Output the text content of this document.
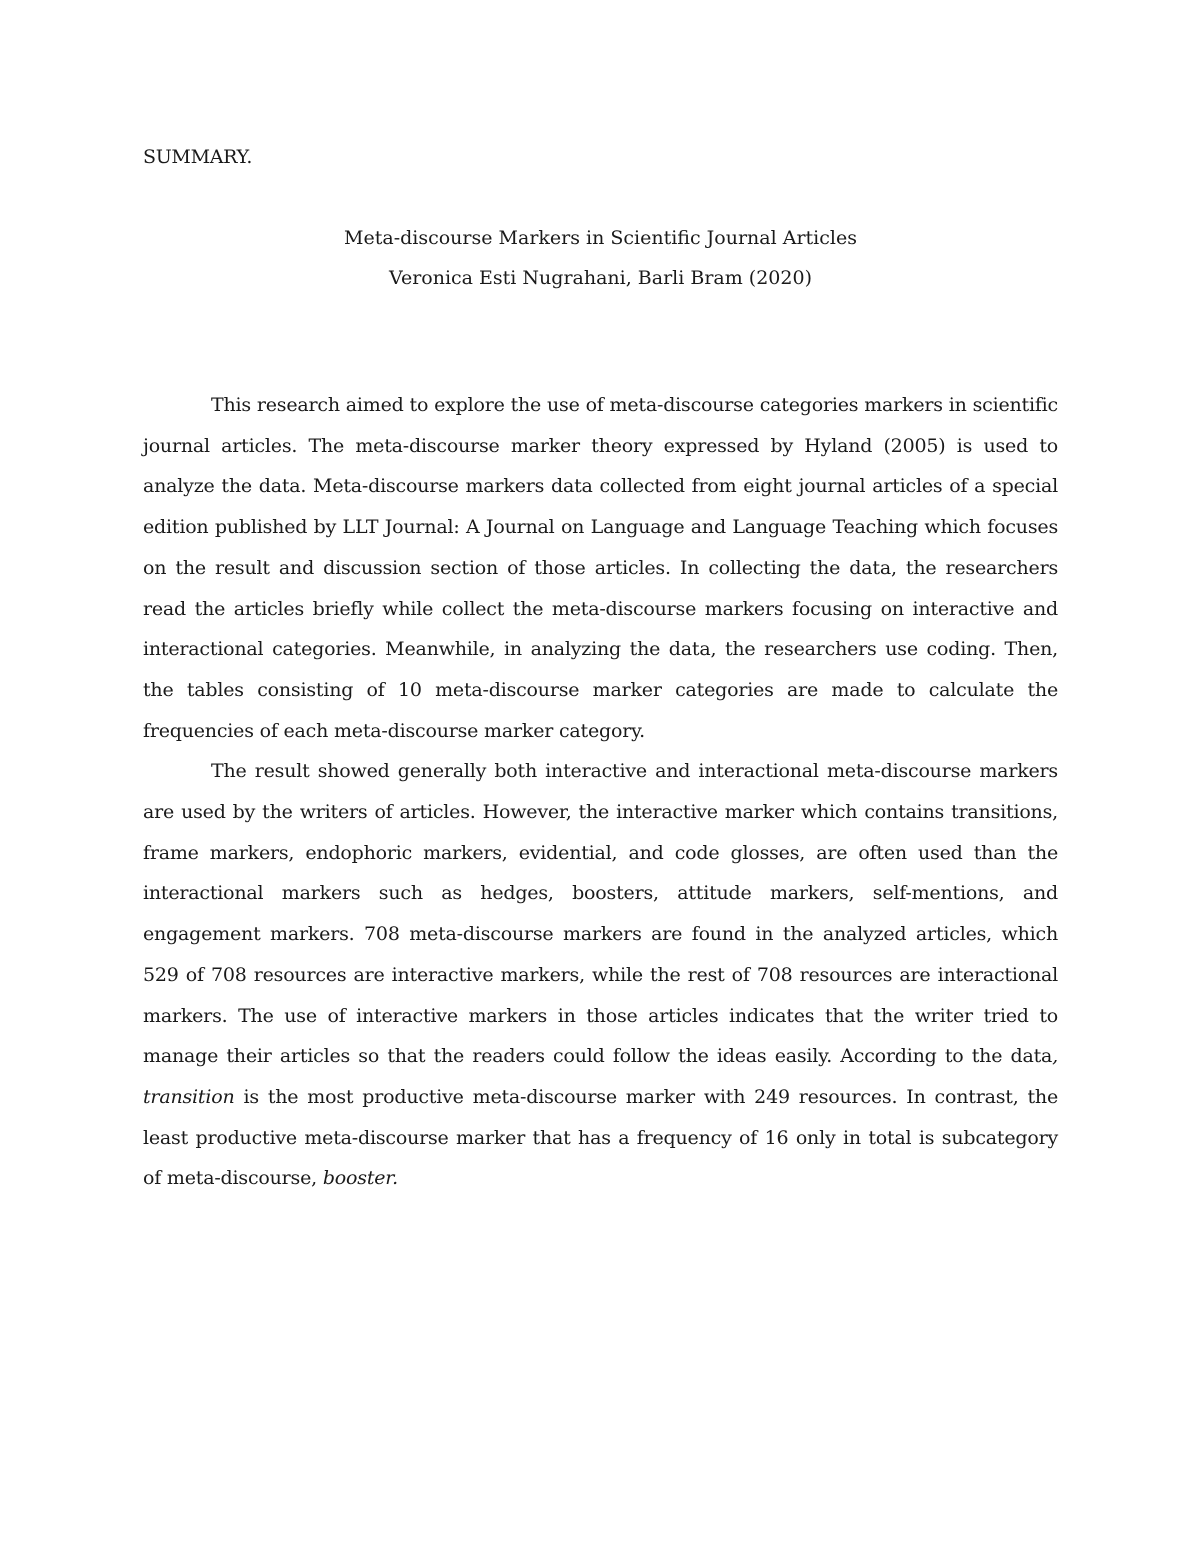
SUMMARY.
Meta-discourse Markers in Scientific Journal Articles
Veronica Esti Nugrahani, Barli Bram (2020)

This research aimed to explore the use of meta-discourse categories markers in scientific journal articles. The meta-discourse marker theory expressed by Hyland (2005) is used to analyze the data. Meta-discourse markers data collected from eight journal articles of a special edition published by LLT Journal: A Journal on Language and Language Teaching which focuses on the result and discussion section of those articles. In collecting the data, the researchers read the articles briefly while collect the meta-discourse markers focusing on interactive and interactional categories. Meanwhile, in analyzing the data, the researchers use coding. Then, the tables consisting of 10 meta-discourse marker categories are made to calculate the frequencies of each meta-discourse marker category.

The result showed generally both interactive and interactional meta-discourse markers are used by the writers of articles. However, the interactive marker which contains transitions, frame markers, endophoric markers, evidential, and code glosses, are often used than the interactional markers such as hedges, boosters, attitude markers, self-mentions, and engagement markers. 708 meta-discourse markers are found in the analyzed articles, which 529 of 708 resources are interactive markers, while the rest of 708 resources are interactional markers. The use of interactive markers in those articles indicates that the writer tried to manage their articles so that the readers could follow the ideas easily. According to the data, transition is the most productive meta-discourse marker with 249 resources. In contrast, the least productive meta-discourse marker that has a frequency of 16 only in total is subcategory of meta-discourse, booster.
